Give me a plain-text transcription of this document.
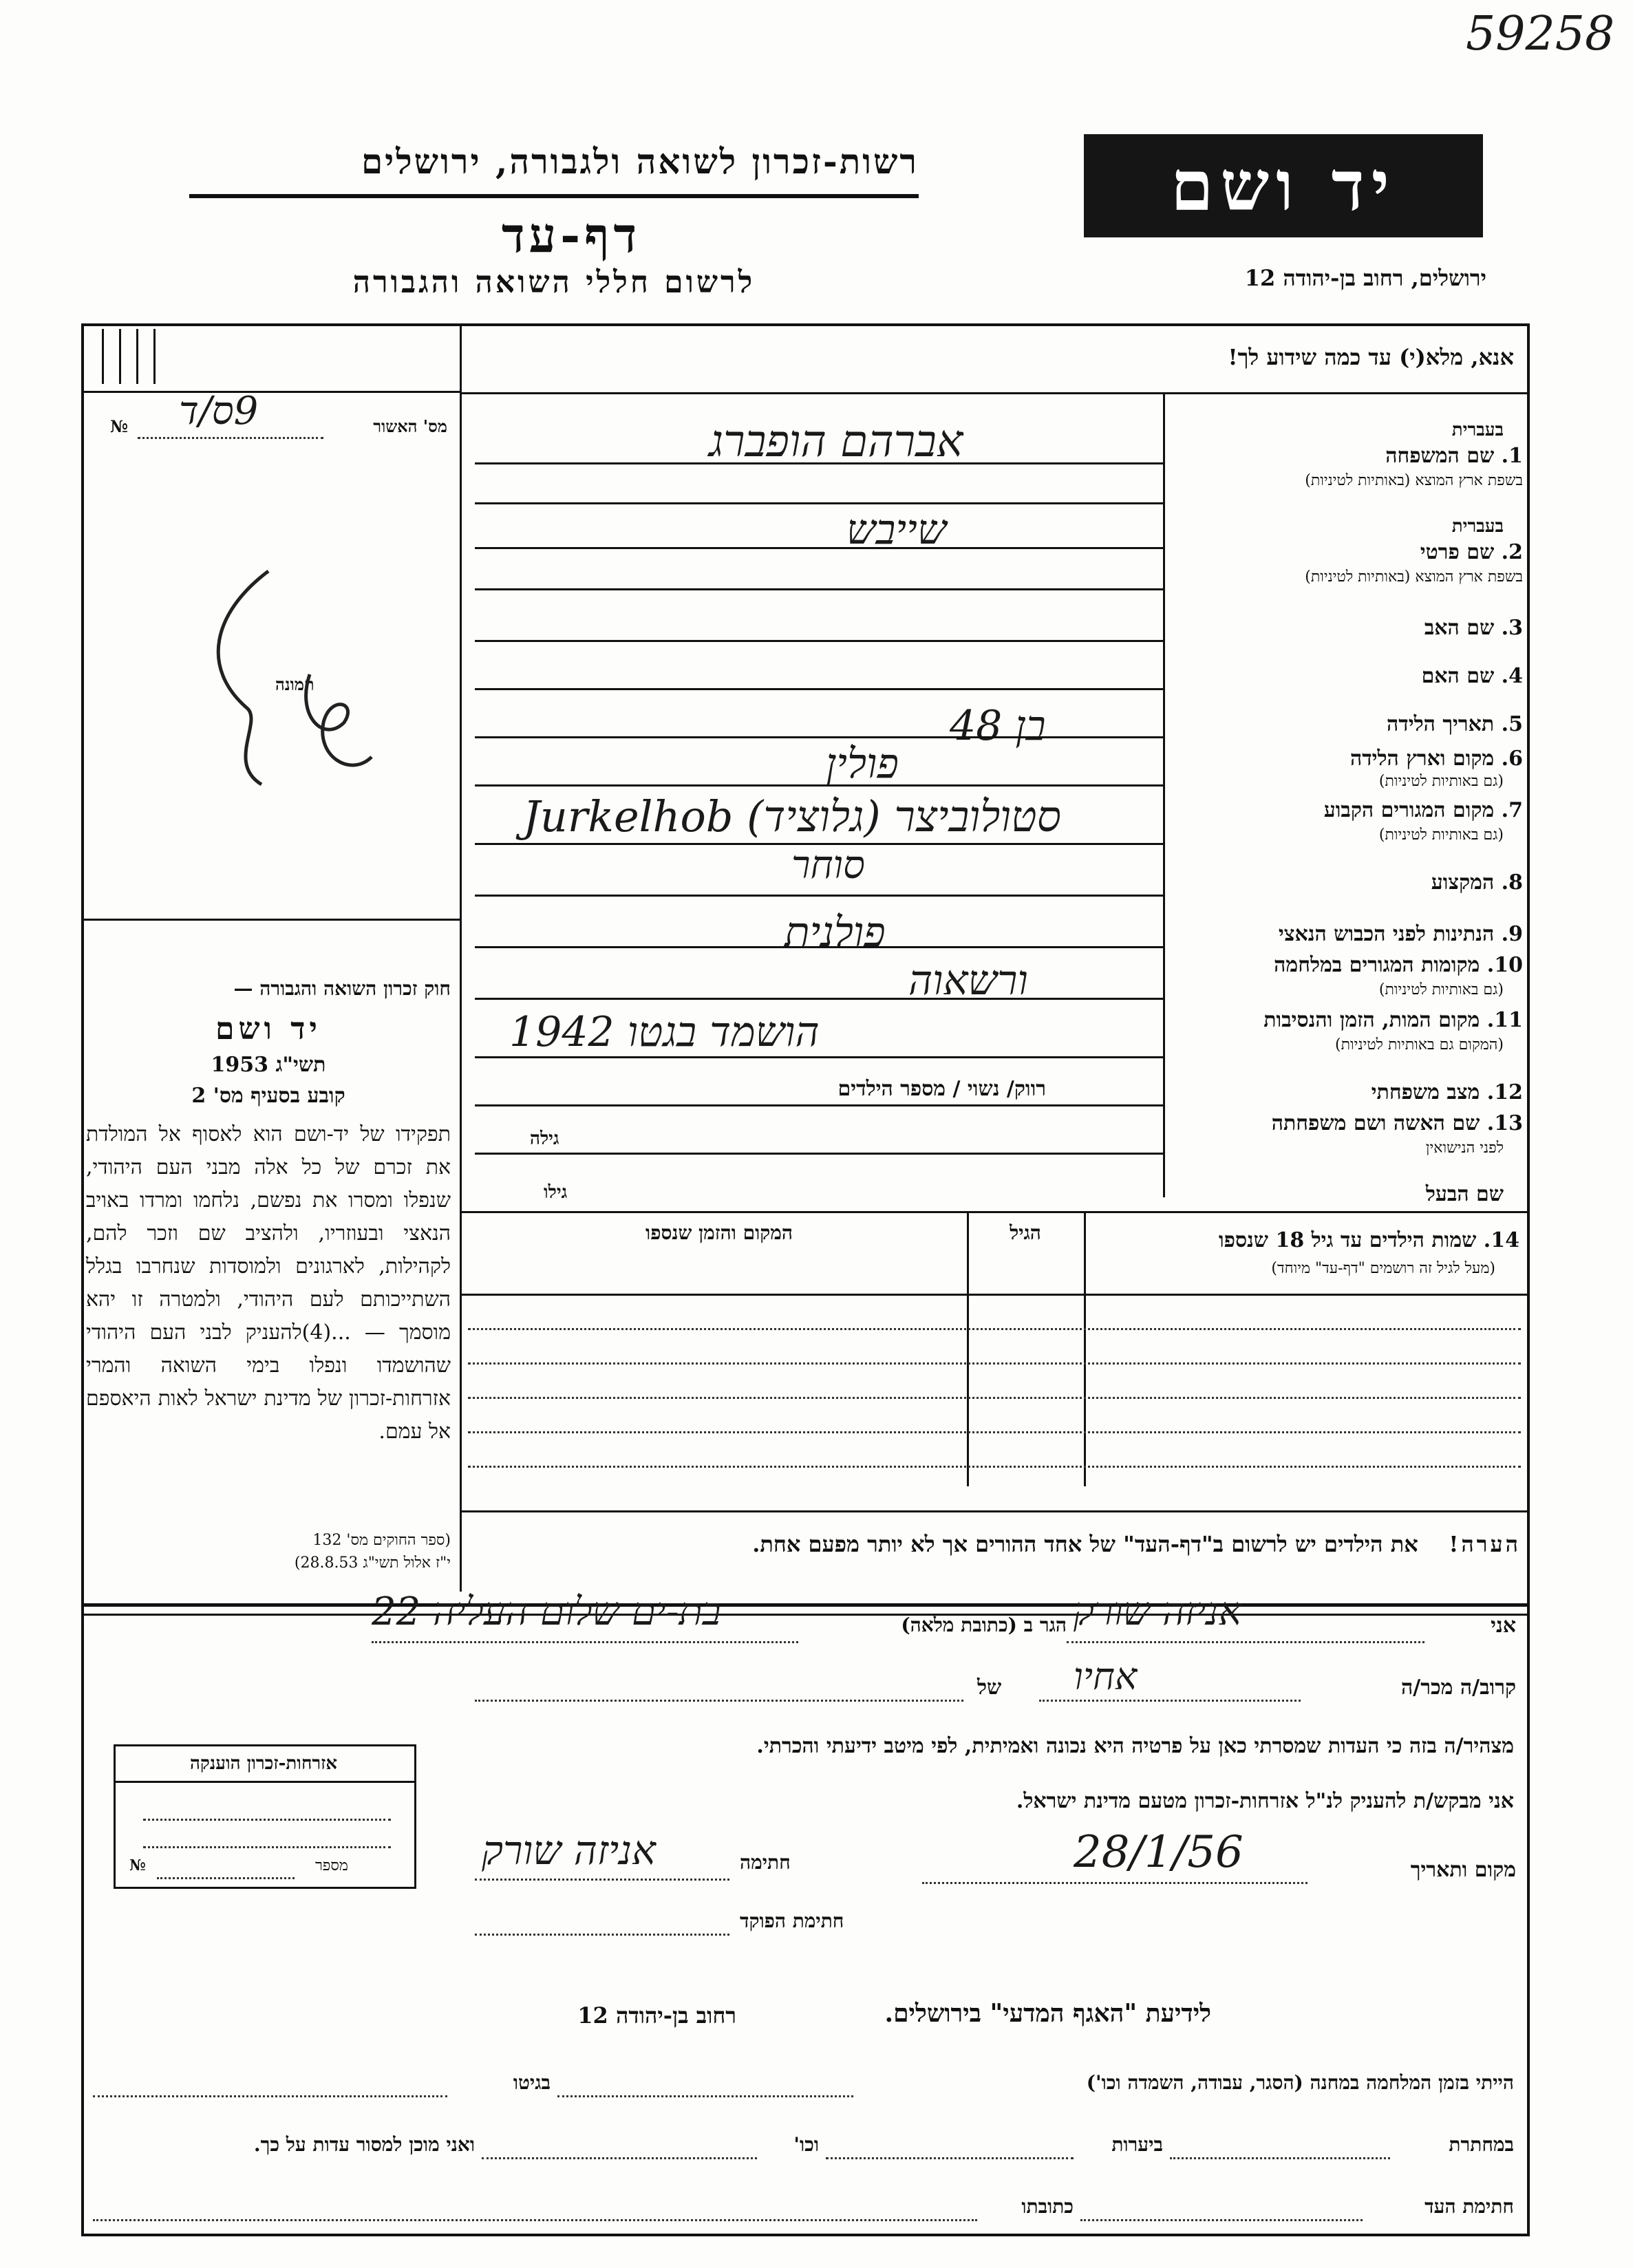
59258
רשות-זכרון לשואה ולגבורה, ירושלים
דף-עד
לרשום חללי השואה והגבורה
יד ושם
ירושלים, רחוב בן-יהודה 12
מס' האשור
№ 9ס/ד
תמונה
חוק זכרון השואה והגבורה —
יד ושם
תשי"ג 1953
קובע בסעיף מס' 2
תפקידו של יד-ושם הוא לאסוף אל המולדת את זכרם של כל אלה מבני העם היהודי, שנפלו ומסרו את נפשם, נלחמו ומרדו באויב הנאצי ובעוזריו, ולהציב שם וזכר להם, לקהילות, לארגונים ולמוסדות שנחרבו בגלל השתייכותם לעם היהודי, ולמטרה זו יהא מוסמך — ...(4)להעניק לבני העם היהודי שהושמדו ונפלו בימי השואה והמרי אזרחות-זכרון של מדינת ישראל לאות היאספם אל עמם.
(ספר החוקים מס' 132
י"ז אלול תשי"ג 28.8.53)
אזרחות-זכרון הוענקה
מספר
№
אנא, מלא(י) עד כמה שידוע לך!
בעברית
1. שם המשפחה
בשפת ארץ המוצא (באותיות לטיניות)
אברהם הופברג
בעברית
2. שם פרטי
בשפת ארץ המוצא (באותיות לטיניות)
שייבש
3. שם האב
4. שם האם
5. תאריך הלידה
בן 48
6. מקום וארץ הלידה
(גם באותיות לטיניות)
פולין
7. מקום המגורים הקבוע
(גם באותיות לטיניות)
Jurkelhob (גלוציד) סטולוביצר
8. המקצוע
סוחר
9. הנתינות לפני הכבוש הנאצי
פולנית
10. מקומות המגורים במלחמה
(גם באותיות לטיניות)
ורשאוה
11. מקום המות, הזמן והנסיבות
(המקום גם באותיות לטיניות)
הושמד בגטו 1942
12. מצב משפחתי
רווק/ נשוי / מספר הילדים
13. שם האשה ושם משפחתה
לפני הנישואין
גילה
שם הבעל
גילו
14. שמות הילדים עד גיל 18 שנספו
(מעל לגיל זה רושמים "דף-עד" מיוחד)
הגיל
המקום והזמן שנספו
הערה!    את הילדים יש לרשום ב"דף-העד" של אחד ההורים אך לא יותר מפעם אחת.
אני
אניזה שורק
הגר ב (כתובת מלאה)
בת-ים שלום העליה 22
קרוב/ה מכר/ה
אחיו
של
מצהיר/ה בזה כי העדות שמסרתי כאן על פרטיה היא נכונה ואמיתית, לפי מיטב ידיעתי והכרתי.
אני מבקש/ת להעניק לנ"ל אזרחות-זכרון מטעם מדינת ישראל.
מקום ותאריך
28/1/56
חתימה
אניזה שורק
חתימת הפוקד
לידיעת "האגף המדעי" בירושלים.
רחוב בן-יהודה 12
הייתי בזמן המלחמה במחנה (הסגר, עבודה, השמדה וכו')
בגיטו
במחתרת
ביערות
וכו'
ואני מוכן למסור עדות על כך.
חתימת העד
כתובתו
